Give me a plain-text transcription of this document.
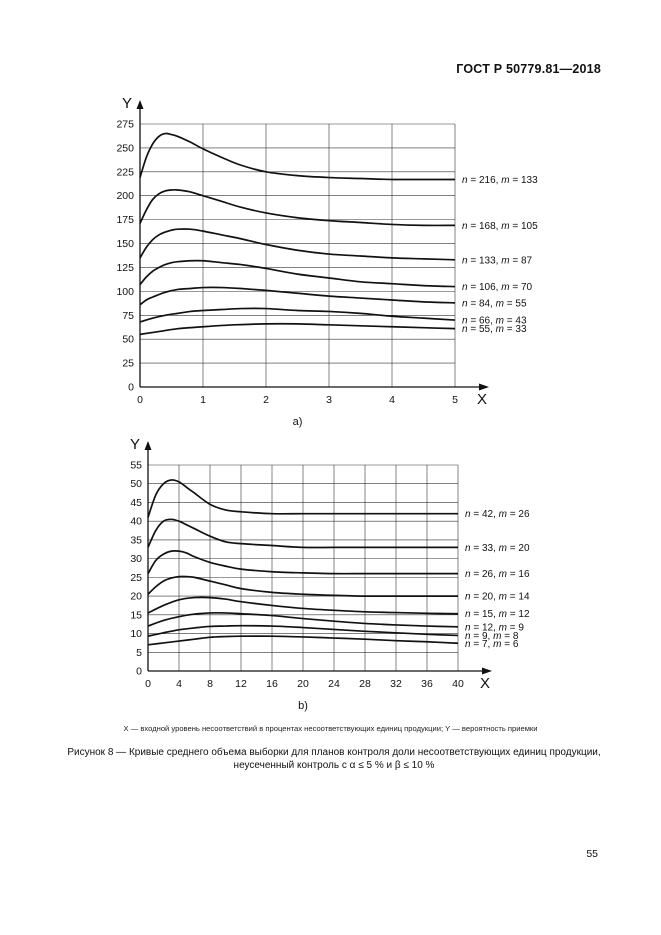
ГОСТ Р 50779.81—2018
Y
X
0
25
50
75
100
125
150
175
200
225
250
275
0	1	2	3	4	5
a)
n = 216, m = 133
n = 168, m = 105
n = 133, m = 87
n = 106, m = 70
n = 84, m = 55
n = 66, m = 43
n = 55, m = 33
Y
X
0
5
10
15
20
25
30
35
40
45
50
55
0 4 8 12 16 20 24 28 32 36 40
b)
n = 42, m = 26
n = 33, m = 20
n = 26, m = 16
n = 20, m = 14
n = 15, m = 12
n = 12, m = 9
n = 9, m = 8
n = 7, m = 6
X — входной уровень несоответствий в процентах несоответствующих единиц продукции; Y — вероятность приемки
Рисунок 8 — Кривые среднего объема выборки для планов контроля доли несоответствующих единиц продукции,
неусеченный контроль с α ≤ 5 % и β ≤ 10 %
55
